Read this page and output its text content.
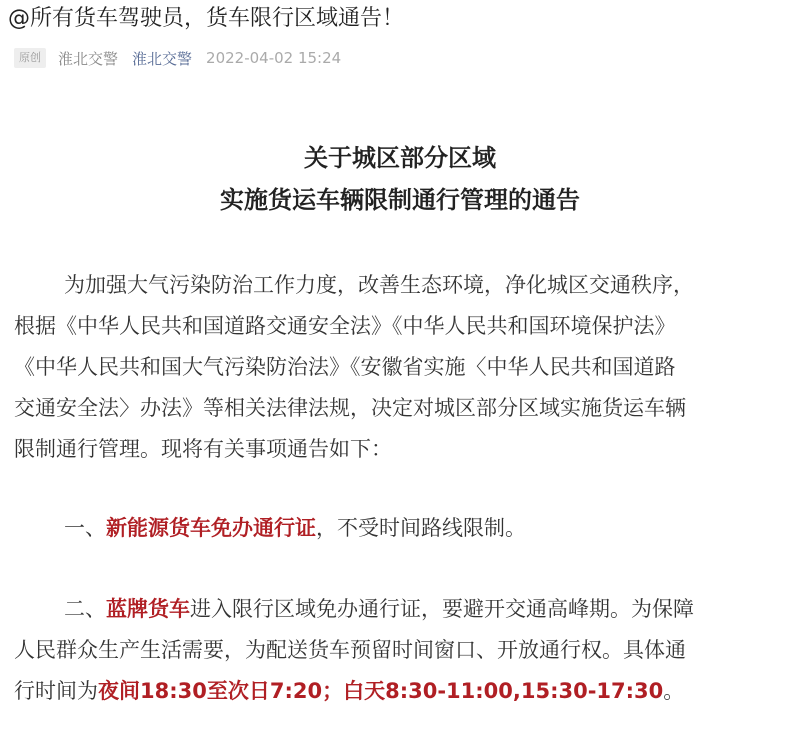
@所有货车驾驶员，货车限行区域通告！
原创	淮北交警 淮北交警 2022-04-02 15:24
关于城区部分区域
实施货运车辆限制通行管理的通告
为加强大气污染防治工作力度，改善生态环境，净化城区交通秩序，
根据《中华人民共和国道路交通安全法》《中华人民共和国环境保护法》
《中华人民共和国大气污染防治法》《安徽省实施〈中华人民共和国道路
交通安全法〉办法》等相关法律法规，决定对城区部分区域实施货运车辆
限制通行管理。现将有关事项通告如下：
一、新能源货车免办通行证，不受时间路线限制。
二、蓝牌货车进入限行区域免办通行证，要避开交通高峰期。为保障
人民群众生产生活需要，为配送货车预留时间窗口、开放通行权。具体通
行时间为夜间18:30至次日7:20；白天8:30-11:00,15:30-17:30。
